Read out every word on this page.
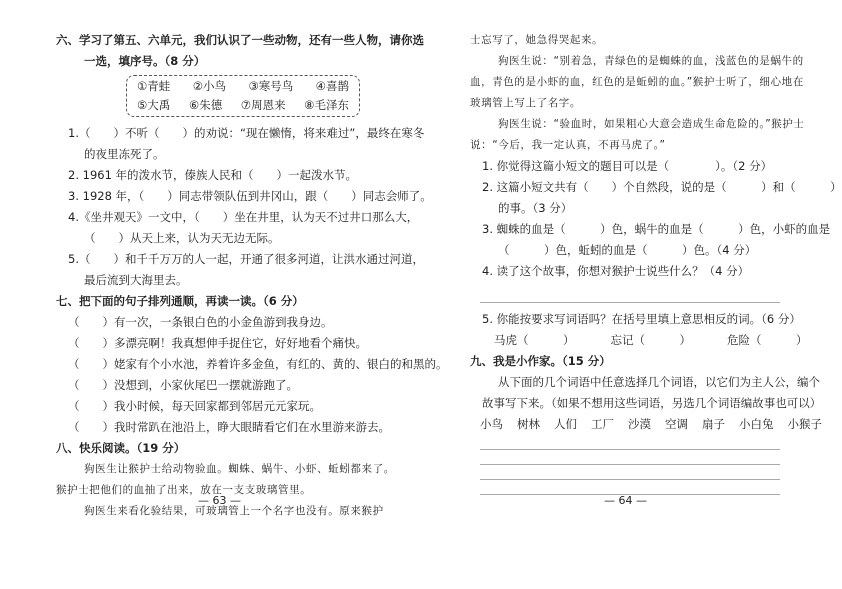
六、学习了第五、六单元，我们认识了一些动物，还有一些人物，请你选
一选，填序号。（8 分）
①青蛙 ②小鸟 ③寒号鸟 ④喜鹊
⑤大禹 ⑥朱德 ⑦周恩来 ⑧毛泽东
1.（　　）不听（　　）的劝说：“现在懒惰，将来难过”，最终在寒冬
的夜里冻死了。
2. 1961 年的泼水节，傣族人民和（　　）一起泼水节。
3. 1928 年，（　　）同志带领队伍到井冈山，跟（　　）同志会师了。
4.《坐井观天》一文中，（　　）坐在井里，认为天不过井口那么大，
（　　）从天上来，认为天无边无际。
5.（　　）和千千万万的人一起，开通了很多河道，让洪水通过河道，
最后流到大海里去。
七、把下面的句子排列通顺，再读一读。（6 分）
（　　）有一次，一条银白色的小金鱼游到我身边。
（　　）多漂亮啊！我真想伸手捉住它，好好地看个痛快。
（　　）姥家有个小水池，养着许多金鱼，有红的、黄的、银白的和黑的。
（　　）没想到，小家伙尾巴一摆就游跑了。
（　　）我小时候，每天回家都到邻居元元家玩。
（　　）我时常趴在池沿上，睁大眼睛看它们在水里游来游去。
八、快乐阅读。（19 分）
狗医生让猴护士给动物验血。蜘蛛、蜗牛、小虾、蚯蚓都来了。
猴护士把他们的血抽了出来，放在一支支玻璃管里。
狗医生来看化验结果，可玻璃管上一个名字也没有。原来猴护
— 63 —
士忘写了，她急得哭起来。
狗医生说：“别着急，青绿色的是蜘蛛的血，浅蓝色的是蜗牛的
血，青色的是小虾的血，红色的是蚯蚓的血。”猴护士听了，细心地在
玻璃管上写上了名字。
狗医生说：“验血时，如果粗心大意会造成生命危险的。”猴护士
说：“今后，我一定认真，不再马虎了。”
1. 你觉得这篇小短文的题目可以是（　　　　）。（2 分）
2. 这篇小短文共有（　　）个自然段，说的是（　　　）和（　　　）
的事。（3 分）
3. 蜘蛛的血是（　　　）色，蜗牛的血是（　　　）色，小虾的血是
（　　　）色，蚯蚓的血是（　　　）色。（4 分）
4. 读了这个故事，你想对猴护士说些什么？（4 分）
5. 你能按要求写词语吗？在括号里填上意思相反的词。（6 分）
马虎（　　　）	忘记（　　　）	危险（　　　）
九、我是小作家。（15 分）
从下面的几个词语中任意选择几个词语，以它们为主人公，编个
故事写下来。（如果不想用这些词语，另选几个词语编故事也可以）
小鸟 树林 人们 工厂 沙漠 空调 扇子 小白兔 小猴子
— 64 —
